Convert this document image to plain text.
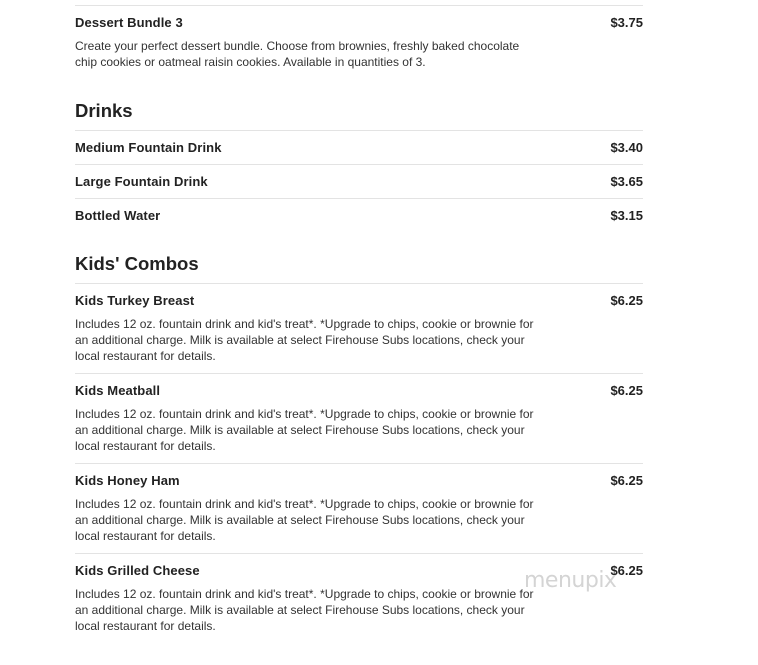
Dessert Bundle 3	$3.75
Create your perfect dessert bundle. Choose from brownies, freshly baked chocolate chip cookies or oatmeal raisin cookies. Available in quantities of 3.
Drinks
Medium Fountain Drink	$3.40
Large Fountain Drink	$3.65
Bottled Water	$3.15
Kids' Combos
Kids Turkey Breast	$6.25
Includes 12 oz. fountain drink and kid's treat*. *Upgrade to chips, cookie or brownie for an additional charge. Milk is available at select Firehouse Subs locations, check your local restaurant for details.
Kids Meatball	$6.25
Includes 12 oz. fountain drink and kid's treat*. *Upgrade to chips, cookie or brownie for an additional charge. Milk is available at select Firehouse Subs locations, check your local restaurant for details.
Kids Honey Ham	$6.25
Includes 12 oz. fountain drink and kid's treat*. *Upgrade to chips, cookie or brownie for an additional charge. Milk is available at select Firehouse Subs locations, check your local restaurant for details.
Kids Grilled Cheese	$6.25
Includes 12 oz. fountain drink and kid's treat*. *Upgrade to chips, cookie or brownie for an additional charge. Milk is available at select Firehouse Subs locations, check your local restaurant for details.
menupix
